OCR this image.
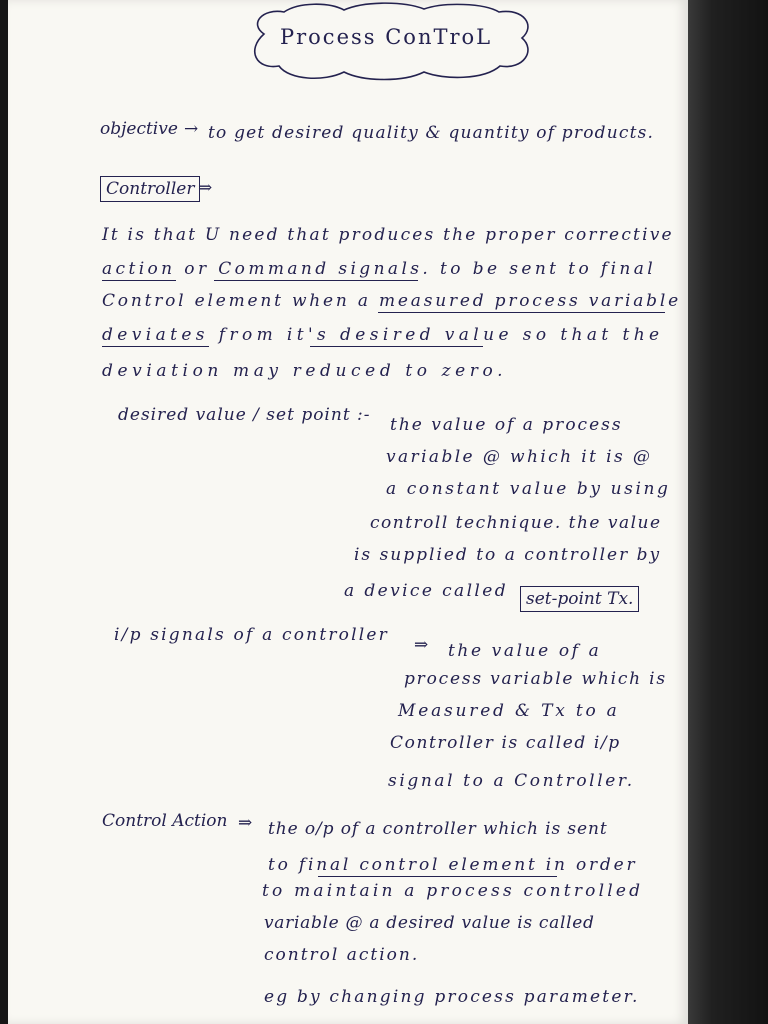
Process ConTroL
objective → to get desired quality & quantity of products.
Controller ⇒
It is that U need that produces the proper corrective
action or Command signals. to be sent to final
Control element when a measured process variable
deviates from it's desired value so that the
deviation may reduced to zero.
desired value / set point :- the value of a process
variable @ which it is @
a constant value by using
controll technique. the value
is supplied to a controller by
a device called	set-point Tx.
i/p signals of a controller ⇒ the value of a
process variable which is
Measured & Tx to a
Controller is called i/p
signal to a Controller.
Control Action ⇒ the o/p of a controller which is sent
to final control element in order
to maintain a process controlled
variable @ a desired value is called
control action.
eg by changing process parameter.
